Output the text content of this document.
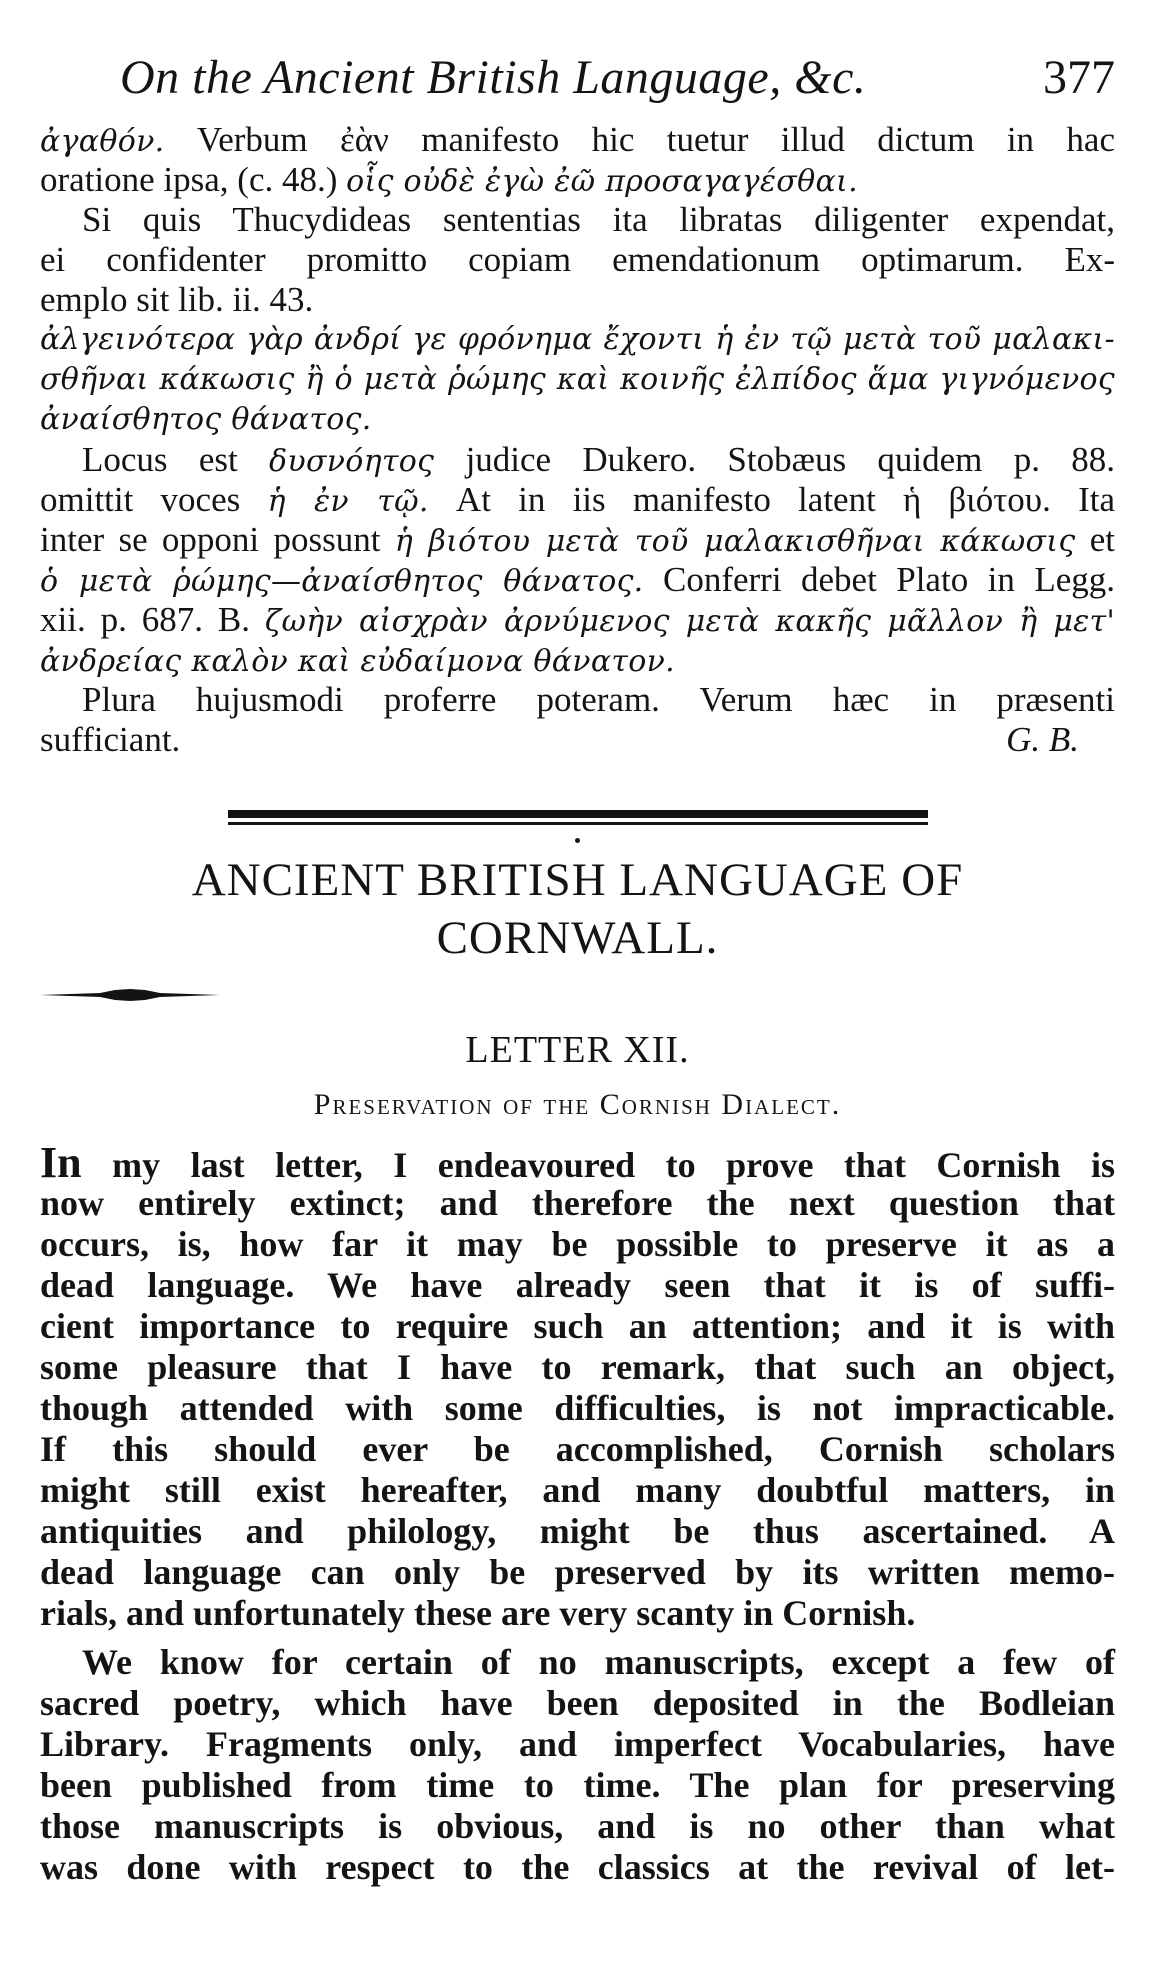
On the Ancient British Language, &c.	377
ἀγαθόν. Verbum ἐὰν manifesto hic tuetur illud dictum in hac
oratione ipsa, (c. 48.) οἷς οὐδὲ ἐγὼ ἐῶ προσαγαγέσθαι.
Si quis Thucydideas sententias ita libratas diligenter expendat,
ei confidenter promitto copiam emendationum optimarum. Ex-
emplo sit lib. ii. 43.
ἀλγεινότερα γὰρ ἀνδρί γε φρόνημα ἔχοντι ἡ ἐν τῷ μετὰ τοῦ μαλακι-
σθῆναι κάκωσις ἢ ὁ μετὰ ῥώμης καὶ κοινῆς ἐλπίδος ἅμα γιγνόμενος
ἀναίσθητος θάνατος.
Locus est δυσνόητος judice Dukero. Stobæus quidem p. 88.
omittit voces ἡ ἐν τῷ. At in iis manifesto latent ἡ βιότου. Ita
inter se opponi possunt ἡ βιότου μετὰ τοῦ μαλακισθῆναι κάκωσις et
ὁ μετὰ ῥώμης—ἀναίσθητος θάνατος. Conferri debet Plato in Legg.
xii. p. 687. B. ζωὴν αἰσχρὰν ἀρνύμενος μετὰ κακῆς μᾶλλον ἢ μετ'
ἀνδρείας καλὸν καὶ εὐδαίμονα θάνατον.
Plura hujusmodi proferre poteram. Verum hæc in præsenti
sufficiant.	G. B.
ANCIENT BRITISH LANGUAGE OF
CORNWALL.
LETTER XII.
Preservation of the Cornish Dialect.
In my last letter, I endeavoured to prove that Cornish is
now entirely extinct; and therefore the next question that
occurs, is, how far it may be possible to preserve it as a
dead language. We have already seen that it is of suffi-
cient importance to require such an attention; and it is with
some pleasure that I have to remark, that such an object,
though attended with some difficulties, is not impracticable.
If this should ever be accomplished, Cornish scholars
might still exist hereafter, and many doubtful matters, in
antiquities and philology, might be thus ascertained. A
dead language can only be preserved by its written memo-
rials, and unfortunately these are very scanty in Cornish.
We know for certain of no manuscripts, except a few of
sacred poetry, which have been deposited in the Bodleian
Library. Fragments only, and imperfect Vocabularies, have
been published from time to time. The plan for preserving
those manuscripts is obvious, and is no other than what
was done with respect to the classics at the revival of let-
